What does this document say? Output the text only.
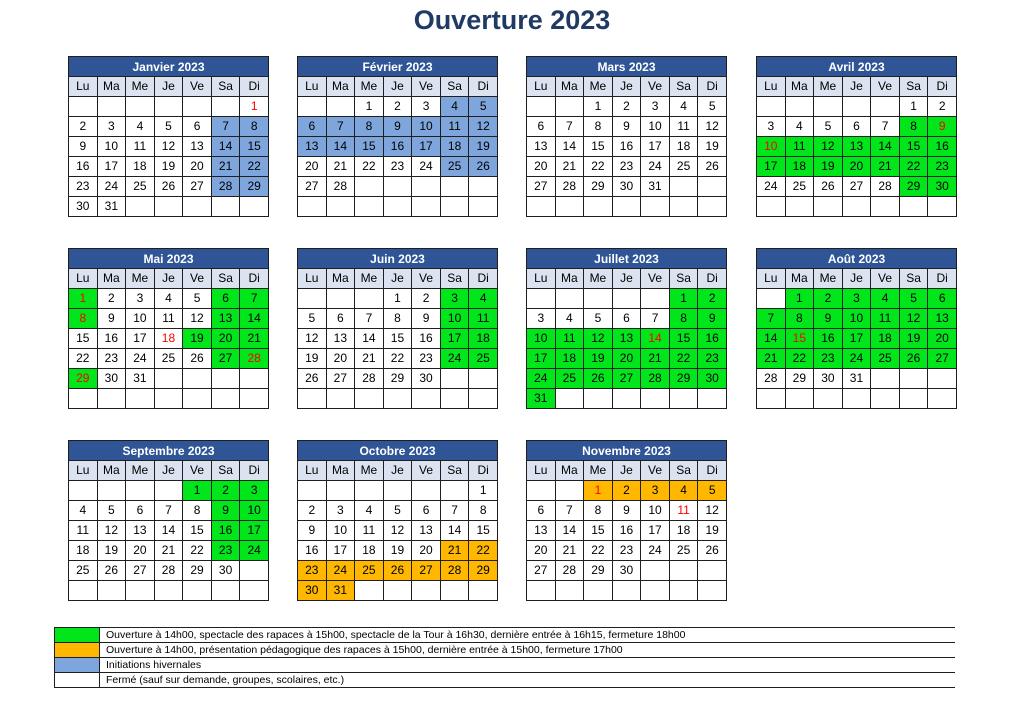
Ouverture 2023
Janvier 2023						
Lu	Ma	Me	Je	Ve	Sa	Di
						1
2	3	4	5	6	7	8
9	10	11	12	13	14	15
16	17	18	19	20	21	22
23	24	25	26	27	28	29
30	31					
Février 2023						
Lu	Ma	Me	Je	Ve	Sa	Di
		1	2	3	4	5
6	7	8	9	10	11	12
13	14	15	16	17	18	19
20	21	22	23	24	25	26
27	28					

Mars 2023						
Lu	Ma	Me	Je	Ve	Sa	Di
		1	2	3	4	5
6	7	8	9	10	11	12
13	14	15	16	17	18	19
20	21	22	23	24	25	26
27	28	29	30	31		

Avril 2023						
Lu	Ma	Me	Je	Ve	Sa	Di
					1	2
3	4	5	6	7	8	9
10	11	12	13	14	15	16
17	18	19	20	21	22	23
24	25	26	27	28	29	30

Mai 2023						
Lu	Ma	Me	Je	Ve	Sa	Di
1	2	3	4	5	6	7
8	9	10	11	12	13	14
15	16	17	18	19	20	21
22	23	24	25	26	27	28
29	30	31				

Juin 2023						
Lu	Ma	Me	Je	Ve	Sa	Di
			1	2	3	4
5	6	7	8	9	10	11
12	13	14	15	16	17	18
19	20	21	22	23	24	25
26	27	28	29	30		

Juillet 2023						
Lu	Ma	Me	Je	Ve	Sa	Di
					1	2
3	4	5	6	7	8	9
10	11	12	13	14	15	16
17	18	19	20	21	22	23
24	25	26	27	28	29	30
31						
Août 2023						
Lu	Ma	Me	Je	Ve	Sa	Di
	1	2	3	4	5	6
7	8	9	10	11	12	13
14	15	16	17	18	19	20
21	22	23	24	25	26	27
28	29	30	31			

Septembre 2023						
Lu	Ma	Me	Je	Ve	Sa	Di
				1	2	3
4	5	6	7	8	9	10
11	12	13	14	15	16	17
18	19	20	21	22	23	24
25	26	27	28	29	30	

Octobre 2023						
Lu	Ma	Me	Je	Ve	Sa	Di
						1
2	3	4	5	6	7	8
9	10	11	12	13	14	15
16	17	18	19	20	21	22
23	24	25	26	27	28	29
30	31					
Novembre 2023						
Lu	Ma	Me	Je	Ve	Sa	Di
		1	2	3	4	5
6	7	8	9	10	11	12
13	14	15	16	17	18	19
20	21	22	23	24	25	26
27	28	29	30			

	Ouverture à 14h00, spectacle des rapaces à 15h00, spectacle de la Tour à 16h30, dernière entrée à 16h15, fermeture 18h00
	Ouverture à 14h00, présentation pédagogique des rapaces à 15h00, dernière entrée à 15h00, fermeture 17h00
	Initiations hivernales
	Fermé (sauf sur demande, groupes, scolaires, etc.)
